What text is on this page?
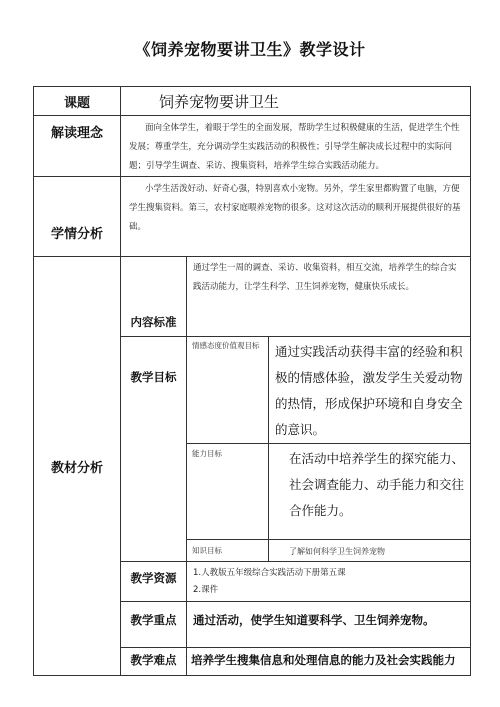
《饲养宠物要讲卫生》教学设计
课题	饲养宠物要讲卫生		
解读理念	面向全体学生，着眼于学生的全面发展，帮助学生过积极健康的生活，促进学生个性发展；尊重学生，充分调动学生实践活动的积极性；引导学生解决成长过程中的实际问题；引导学生调查、采访、搜集资料，培养学生综合实践活动能力。		
学情分析	小学生活泼好动、好奇心强，特别喜欢小宠物。另外，学生家里都购置了电脑，方便学生搜集资料。第三，农村家庭喂养宠物的很多。这对这次活动的顺利开展提供很好的基础。		
教材分析	内容标准	通过学生一周的调查、采访、收集资料，相互交流，培养学生的综合实践活动能力，让学生科学、卫生饲养宠物，健康快乐成长。	
	教学目标	情感态度价值观目标	通过实践活动获得丰富的经验和积极的情感体验，激发学生关爱动物的热情，形成保护环境和自身安全的意识。
		能力目标	在活动中培养学生的探究能力、社会调查能力、动手能力和交往合作能力。
		知识目标	了解如何科学卫生饲养宠物
	教学资源	1.人教版五年级综合实践活动下册第五课
2.课件	

	教学重点	通过活动，使学生知道要科学、卫生饲养宠物。	
	教学难点	培养学生搜集信息和处理信息的能力及社会实践能力	
